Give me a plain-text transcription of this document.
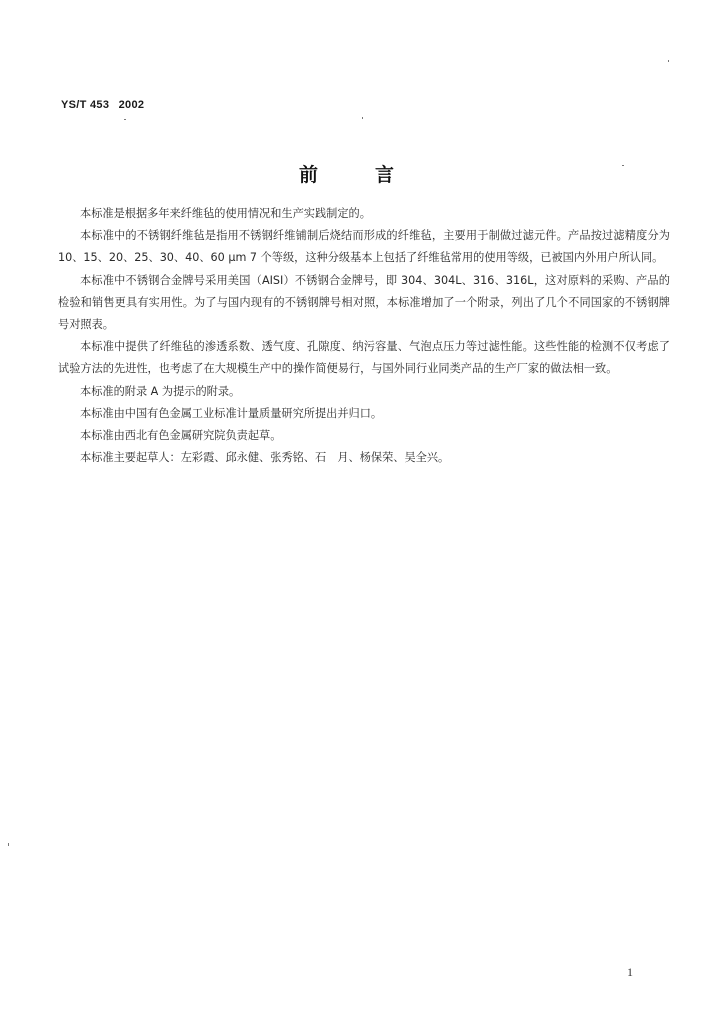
YS/T 453 2002
前言

本标准是根据多年来纤维毡的使用情况和生产实践制定的。

本标准中的不锈钢纤维毡是指用不锈钢纤维铺制后烧结而形成的纤维毡，主要用于制做过滤元件。产品按过滤精度分为 10、15、20、25、30、40、60 μm 7 个等级，这种分级基本上包括了纤维毡常用的使用等级，已被国内外用户所认同。

本标准中不锈钢合金牌号采用美国（AISI）不锈钢合金牌号，即 304、304L、316、316L，这对原料的采购、产品的检验和销售更具有实用性。为了与国内现有的不锈钢牌号相对照，本标准增加了一个附录，列出了几个不同国家的不锈钢牌号对照表。

本标准中提供了纤维毡的渗透系数、透气度、孔隙度、纳污容量、气泡点压力等过滤性能。这些性能的检测不仅考虑了试验方法的先进性，也考虑了在大规模生产中的操作简便易行，与国外同行业同类产品的生产厂家的做法相一致。

本标准的附录 A 为提示的附录。

本标准由中国有色金属工业标准计量质量研究所提出并归口。

本标准由西北有色金属研究院负责起草。

本标准主要起草人：左彩霞、邱永健、张秀铭、石　月、杨保荣、吴全兴。

1
